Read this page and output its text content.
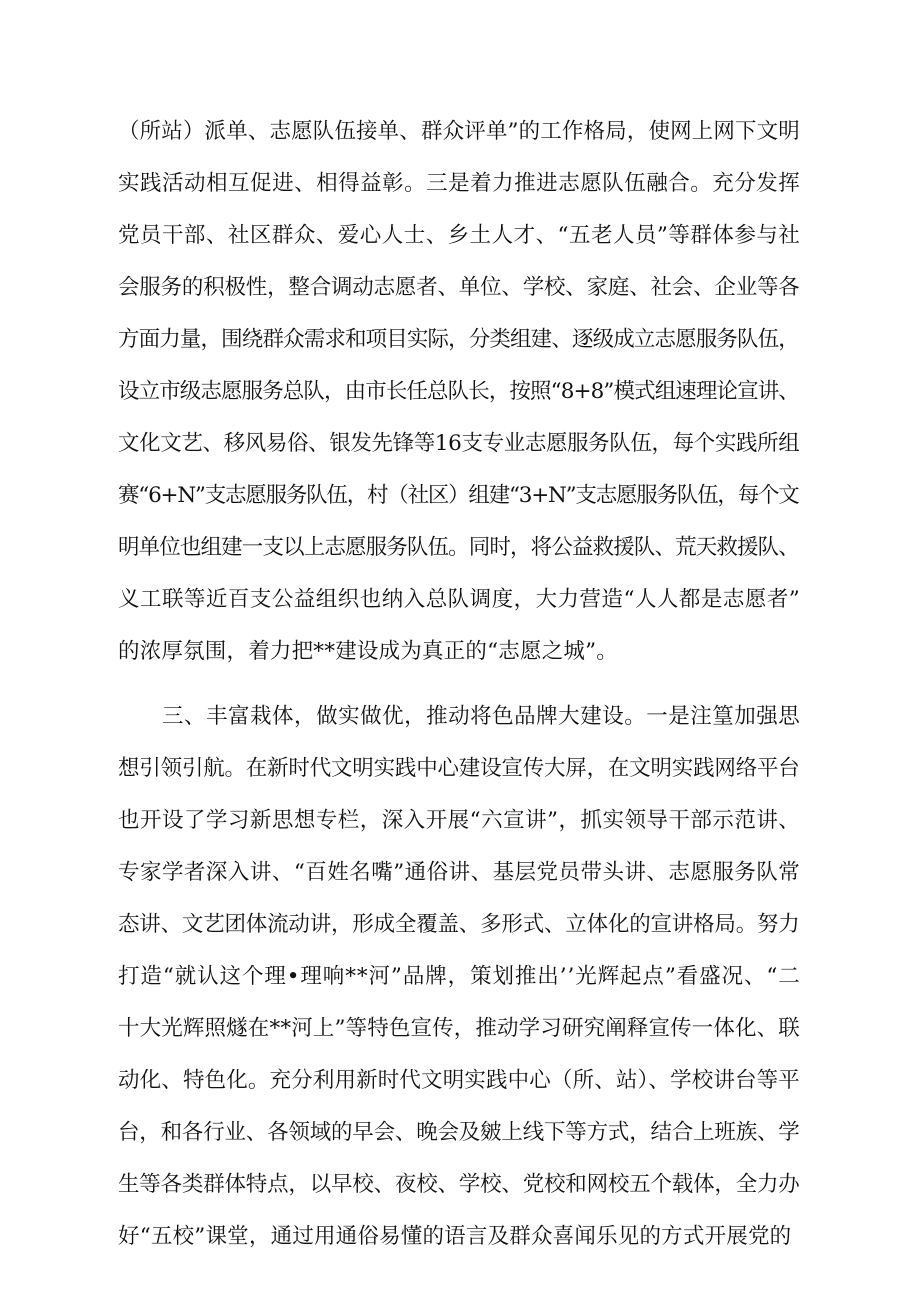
（所站）派单、志愿队伍接单、群众评单”的工作格局，使网上网下文明
实践活动相互促进、相得益彰。三是着力推进志愿队伍融合。充分发挥
党员干部、社区群众、爱心人士、乡土人才、“五老人员”等群体参与社
会服务的积极性，整合调动志愿者、单位、学校、家庭、社会、企业等各
方面力量，围绕群众需求和项目实际，分类组建、逐级成立志愿服务队伍，
设立市级志愿服务总队，由市长任总队长，按照“8+8”模式组速理论宣讲、
文化文艺、移风易俗、银发先锋等16支专业志愿服务队伍，每个实践所组
赛“6+N”支志愿服务队伍，村（社区）组建“3+N”支志愿服务队伍，每个文
明单位也组建一支以上志愿服务队伍。同时，将公益救援队、荒天救援队、
义工联等近百支公益组织也纳入总队调度，大力营造“人人都是志愿者”
的浓厚氛围，着力把**建设成为真正的“志愿之城”。
三、丰富栽体，做实做优，推动将色品牌大建设。一是注篁加强思
想引领引航。在新时代文明实践中心建设宣传大屏，在文明实践网络平台
也开设了学习新思想专栏，深入开展“六宣讲”，抓实领导干部示范讲、
专家学者深入讲、“百姓名嘴”通俗讲、基层党员带头讲、志愿服务队常
态讲、文艺团体流动讲，形成全覆盖、多形式、立体化的宣讲格局。努力
打造“就认这个理•理响**河”品牌，策划推出’’光辉起点”看盛况、“二
十大光辉照燧在**河上”等特色宣传，推动学习研究阐释宣传一体化、联
动化、特色化。充分利用新时代文明实践中心（所、站）、学校讲台等平
台，和各行业、各领域的早会、晚会及皴上线下等方式，结合上班族、学
生等各类群体特点，以早校、夜校、学校、党校和网校五个载体，全力办
好“五校”课堂，通过用通俗易懂的语言及群众喜闻乐见的方式开展党的
